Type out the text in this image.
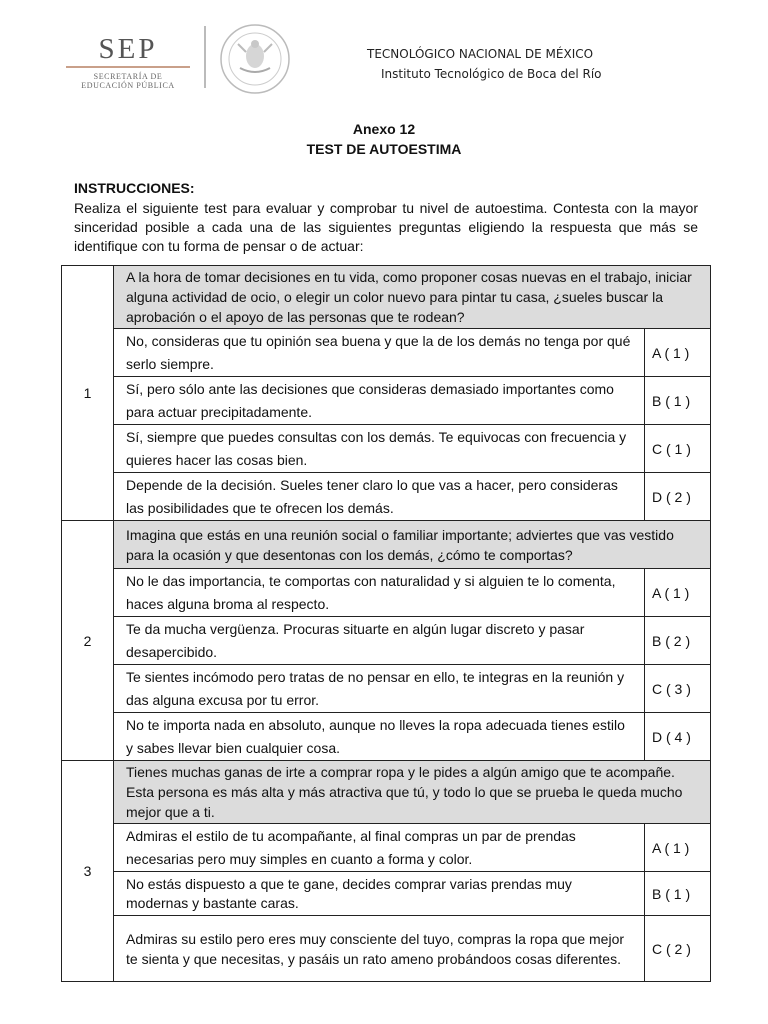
SEP
SECRETARÍA DE
EDUCACIÓN PÚBLICA
TECNOLÓGICO NACIONAL DE MÉXICO
Instituto Tecnológico de Boca del Río
Anexo 12
TEST DE AUTOESTIMA
INSTRUCCIONES:
Realiza el siguiente test para evaluar y comprobar tu nivel de autoestima. Contesta con la mayor sinceridad posible a cada una de las siguientes preguntas eligiendo la respuesta que más se identifique con tu forma de pensar o de actuar:
1	A la hora de tomar decisiones en tu vida, como proponer cosas nuevas en el trabajo, iniciar alguna actividad de ocio, o elegir un color nuevo para pintar tu casa, ¿sueles buscar la aprobación o el apoyo de las personas que te rodean?	
	No, consideras que tu opinión sea buena y que la de los demás no tenga por qué serlo siempre.	A ( 1 )
	Sí, pero sólo ante las decisiones que consideras demasiado importantes como para actuar precipitadamente.	B ( 1 )
	Sí, siempre que puedes consultas con los demás. Te equivocas con frecuencia y quieres hacer las cosas bien.	C ( 1 )
	Depende de la decisión. Sueles tener claro lo que vas a hacer, pero consideras las posibilidades que te ofrecen los demás.	D ( 2 )
2	Imagina que estás en una reunión social o familiar importante; adviertes que vas vestido para la ocasión y que desentonas con los demás, ¿cómo te comportas?	
	No le das importancia, te comportas con naturalidad y si alguien te lo comenta, haces alguna broma al respecto.	A ( 1 )
	Te da mucha vergüenza. Procuras situarte en algún lugar discreto y pasar desapercibido.	B ( 2 )
	Te sientes incómodo pero tratas de no pensar en ello, te integras en la reunión y das alguna excusa por tu error.	C ( 3 )
	No te importa nada en absoluto, aunque no lleves la ropa adecuada tienes estilo y sabes llevar bien cualquier cosa.	D ( 4 )
3	Tienes muchas ganas de irte a comprar ropa y le pides a algún amigo que te acompañe. Esta persona es más alta y más atractiva que tú, y todo lo que se prueba le queda mucho mejor que a ti.	
	Admiras el estilo de tu acompañante, al final compras un par de prendas necesarias pero muy simples en cuanto a forma y color.	A ( 1 )
	No estás dispuesto a que te gane, decides comprar varias prendas muy modernas y bastante caras.	B ( 1 )
	Admiras su estilo pero eres muy consciente del tuyo, compras la ropa que mejor te sienta y que necesitas, y pasáis un rato ameno probándoos cosas diferentes.	C ( 2 )
